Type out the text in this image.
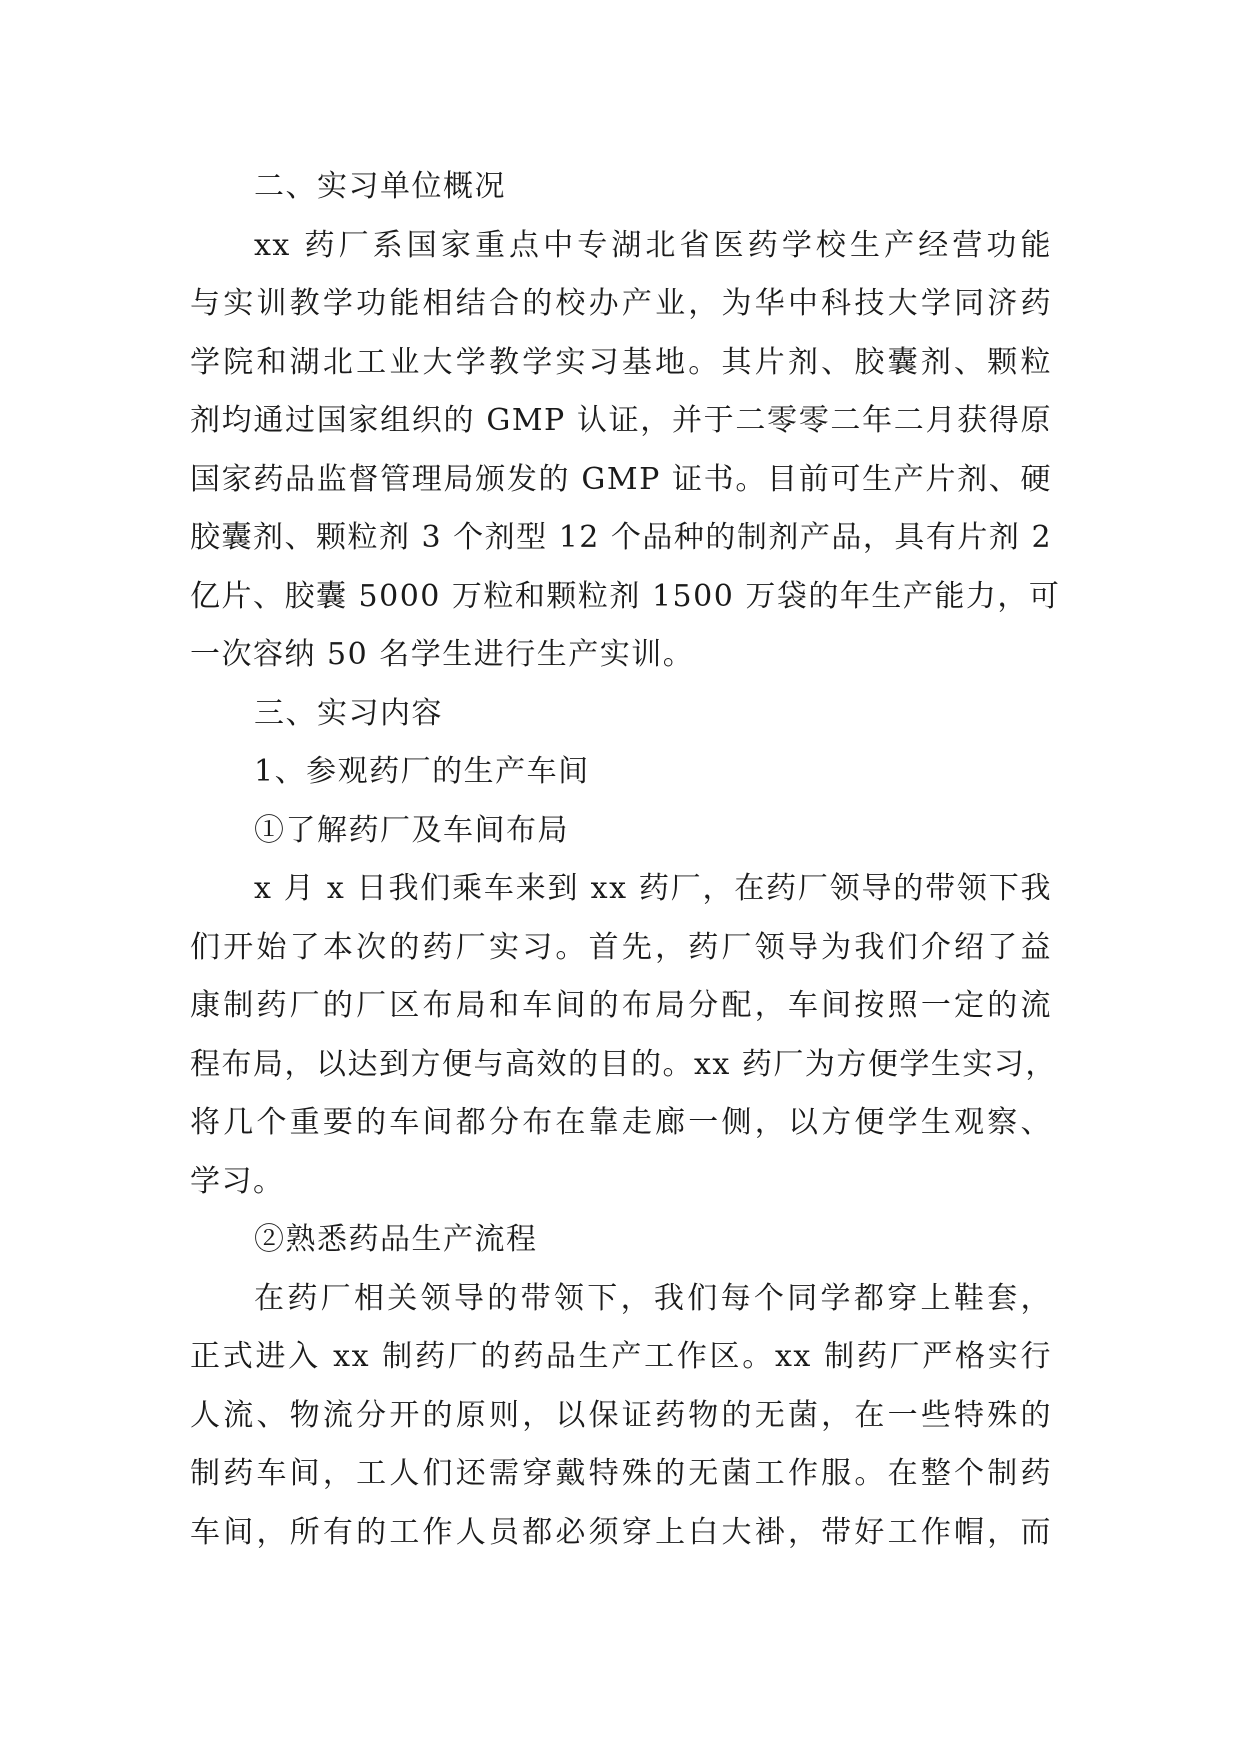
二、实习单位概况

xx 药厂系国家重点中专湖北省医药学校生产经营功能
与实训教学功能相结合的校办产业，为华中科技大学同济药
学院和湖北工业大学教学实习基地。其片剂、胶囊剂、颗粒
剂均通过国家组织的 GMP 认证，并于二零零二年二月获得原
国家药品监督管理局颁发的 GMP 证书。目前可生产片剂、硬
胶囊剂、颗粒剂 3 个剂型 12 个品种的制剂产品，具有片剂 2
亿片、胶囊 5000 万粒和颗粒剂 1500 万袋的年生产能力，可
一次容纳 50 名学生进行生产实训。

三、实习内容

1、参观药厂的生产车间

①了解药厂及车间布局

x 月 x 日我们乘车来到 xx 药厂，在药厂领导的带领下我
们开始了本次的药厂实习。首先，药厂领导为我们介绍了益
康制药厂的厂区布局和车间的布局分配，车间按照一定的流
程布局，以达到方便与高效的目的。xx 药厂为方便学生实习，
将几个重要的车间都分布在靠走廊一侧，以方便学生观察、
学习。

②熟悉药品生产流程

在药厂相关领导的带领下，我们每个同学都穿上鞋套，
正式进入 xx 制药厂的药品生产工作区。xx 制药厂严格实行
人流、物流分开的原则，以保证药物的无菌，在一些特殊的
制药车间，工人们还需穿戴特殊的无菌工作服。在整个制药
车间，所有的工作人员都必须穿上白大褂，带好工作帽，而
